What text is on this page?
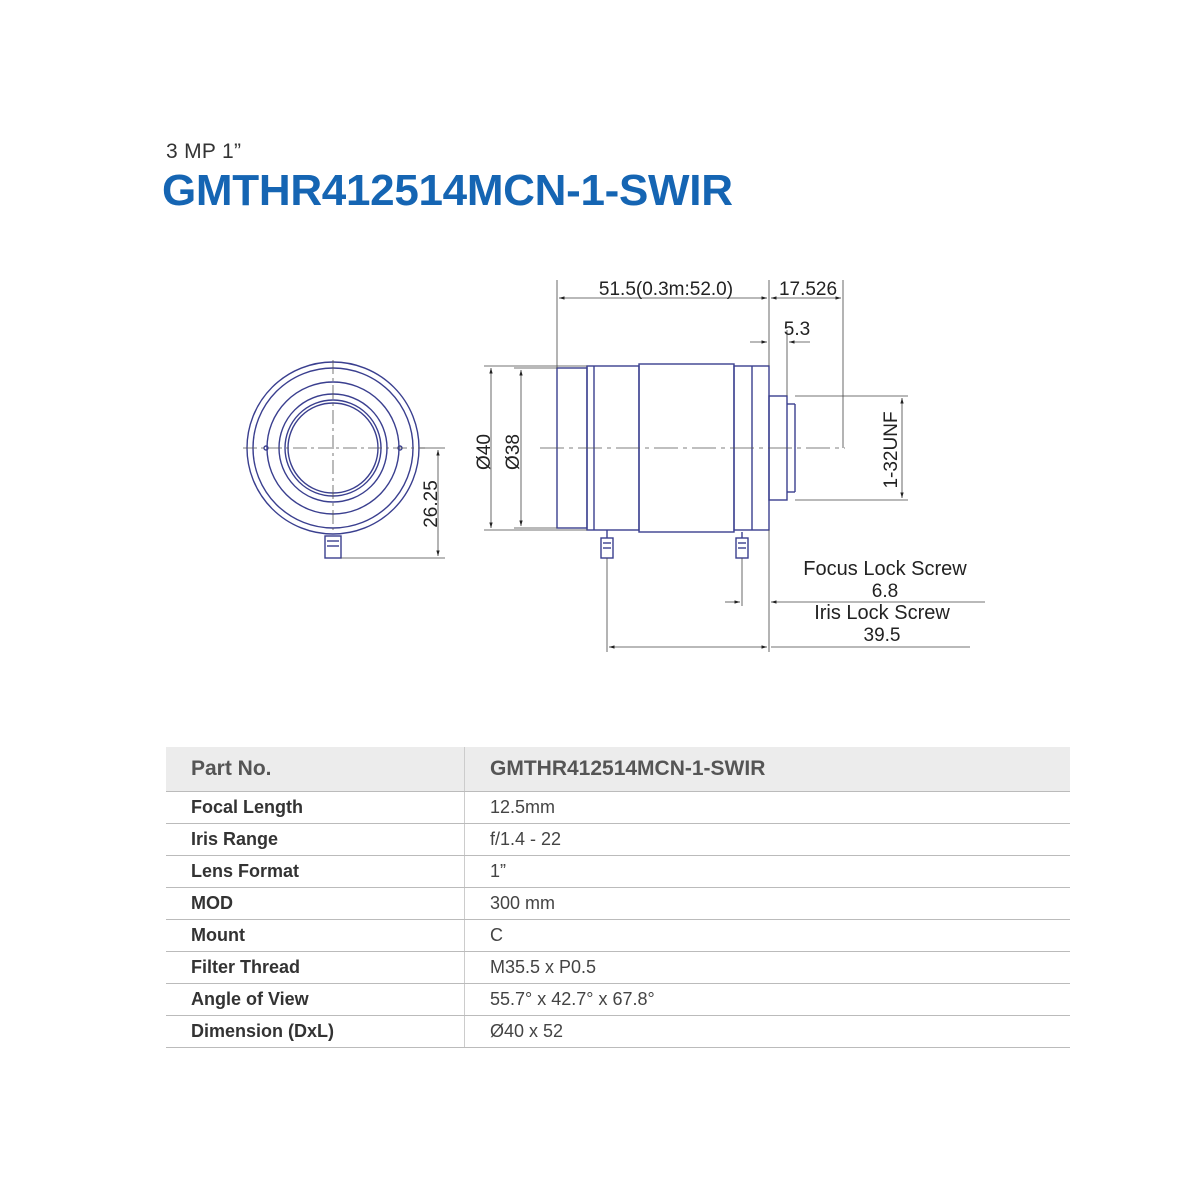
3 MP 1”
GMTHR412514MCN-1-SWIR
26.25
51.5(0.3m:52.0) 17.526
5.3
Ø40 Ø38	1-32UNF
Focus Lock Screw
6.8
Iris Lock Screw
39.5
Part No.	GMTHR412514MCN-1-SWIR
Focal Length	12.5mm
Iris Range	f/1.4 - 22
Lens Format	1”
MOD	300 mm
Mount	C
Filter Thread	M35.5 x P0.5
Angle of View	55.7° x 42.7° x 67.8°
Dimension (DxL)	Ø40 x 52
